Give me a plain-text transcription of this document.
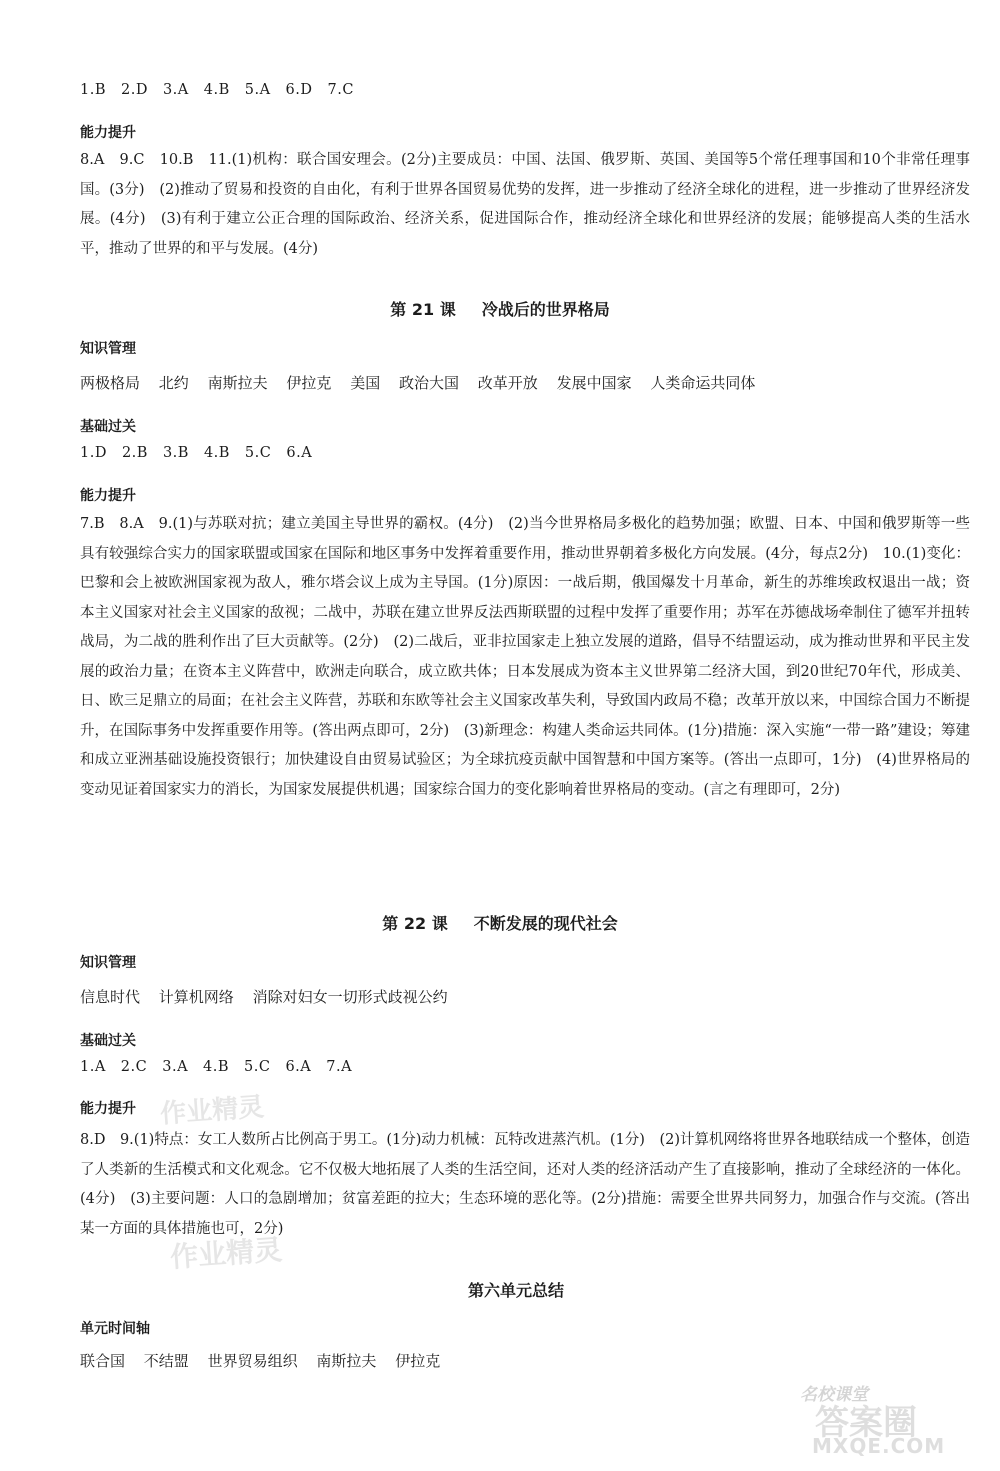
1.B　2.D　3.A　4.B　5.A　6.D　7.C

能力提升

8.A　9.C　10.B　11.(1)机构：联合国安理会。(2分)主要成员：中国、法国、俄罗斯、英国、美国等5个常任理事国和10个非常任理事国。(3分)　(2)推动了贸易和投资的自由化，有利于世界各国贸易优势的发挥，进一步推动了经济全球化的进程，进一步推动了世界经济发展。(4分)　(3)有利于建立公正合理的国际政治、经济关系，促进国际合作，推动经济全球化和世界经济的发展；能够提高人类的生活水平，推动了世界的和平与发展。(4分)

第 21 课 冷战后的世界格局

知识管理

两极格局 北约 南斯拉夫 伊拉克 美国 政治大国 改革开放 发展中国家 人类命运共同体

基础过关

1.D　2.B　3.B　4.B　5.C　6.A

能力提升

7.B　8.A　9.(1)与苏联对抗；建立美国主导世界的霸权。(4分)　(2)当今世界格局多极化的趋势加强；欧盟、日本、中国和俄罗斯等一些具有较强综合实力的国家联盟或国家在国际和地区事务中发挥着重要作用，推动世界朝着多极化方向发展。(4分，每点2分)　10.(1)变化：巴黎和会上被欧洲国家视为敌人，雅尔塔会议上成为主导国。(1分)原因：一战后期，俄国爆发十月革命，新生的苏维埃政权退出一战；资本主义国家对社会主义国家的敌视；二战中，苏联在建立世界反法西斯联盟的过程中发挥了重要作用；苏军在苏德战场牵制住了德军并扭转战局，为二战的胜利作出了巨大贡献等。(2分)　(2)二战后，亚非拉国家走上独立发展的道路，倡导不结盟运动，成为推动世界和平民主发展的政治力量；在资本主义阵营中，欧洲走向联合，成立欧共体；日本发展成为资本主义世界第二经济大国，到20世纪70年代，形成美、日、欧三足鼎立的局面；在社会主义阵营，苏联和东欧等社会主义国家改革失利，导致国内政局不稳；改革开放以来，中国综合国力不断提升，在国际事务中发挥重要作用等。(答出两点即可，2分)　(3)新理念：构建人类命运共同体。(1分)措施：深入实施“一带一路”建设；筹建和成立亚洲基础设施投资银行；加快建设自由贸易试验区；为全球抗疫贡献中国智慧和中国方案等。(答出一点即可，1分)　(4)世界格局的变动见证着国家实力的消长，为国家发展提供机遇；国家综合国力的变化影响着世界格局的变动。(言之有理即可，2分)

第 22 课 不断发展的现代社会

知识管理

信息时代 计算机网络 消除对妇女一切形式歧视公约

基础过关

1.A　2.C　3.A　4.B　5.C　6.A　7.A

能力提升

8.D　9.(1)特点：女工人数所占比例高于男工。(1分)动力机械：瓦特改进蒸汽机。(1分)　(2)计算机网络将世界各地联结成一个整体，创造了人类新的生活模式和文化观念。它不仅极大地拓展了人类的生活空间，还对人类的经济活动产生了直接影响，推动了全球经济的一体化。(4分)　(3)主要问题：人口的急剧增加；贫富差距的拉大；生态环境的恶化等。(2分)措施：需要全世界共同努力，加强合作与交流。(答出某一方面的具体措施也可，2分)

第六单元总结

单元时间轴

联合国 不结盟 世界贸易组织 南斯拉夫 伊拉克

作业精灵
作业精灵
名校课堂
答案圈
MXQE.COM
